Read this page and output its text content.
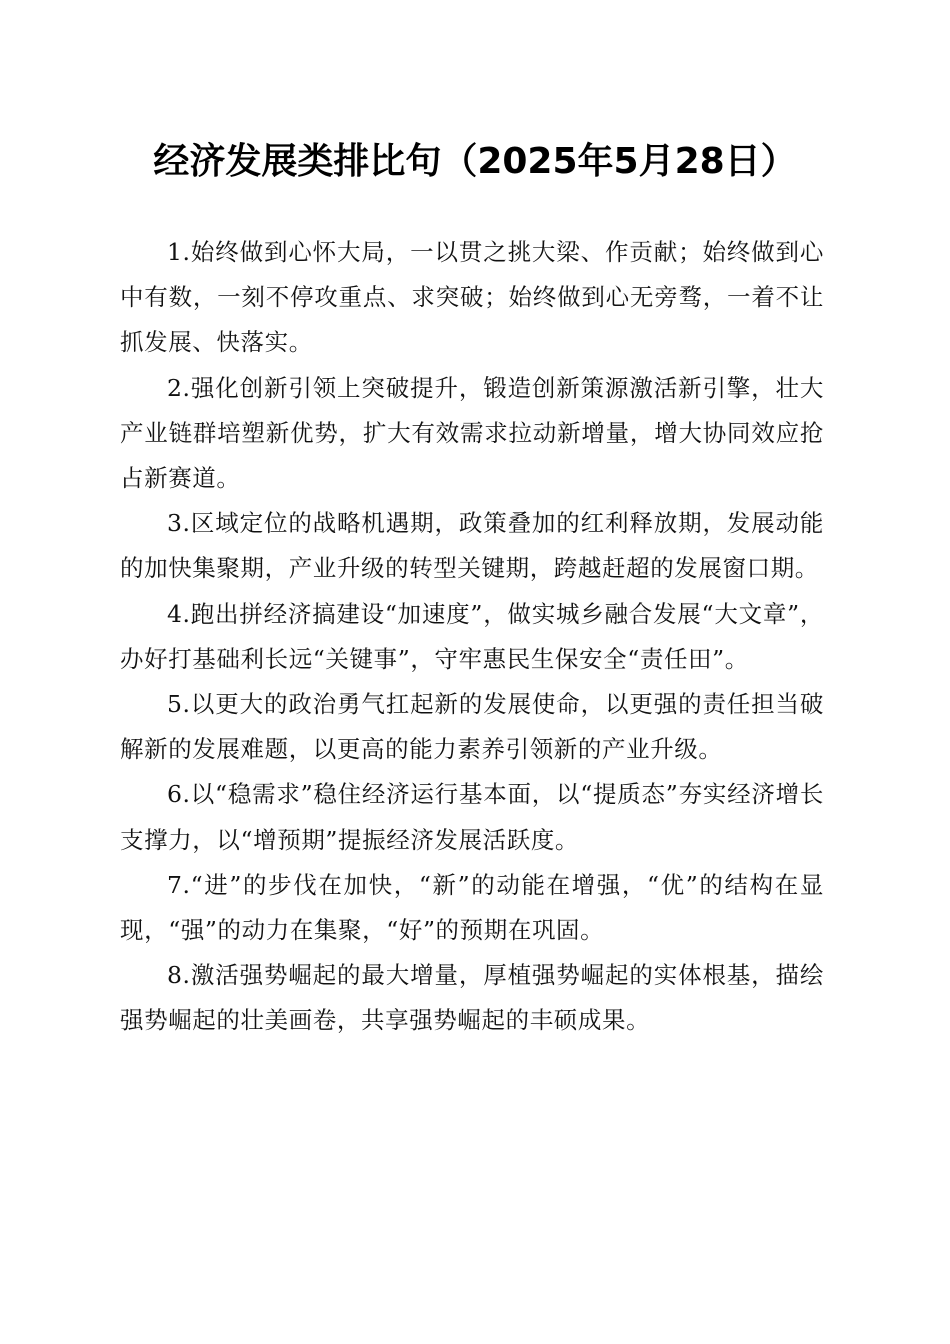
经济发展类排比句（2025年5月28日）

1.始终做到心怀大局，一以贯之挑大梁、作贡献；始终做到心中有数，一刻不停攻重点、求突破；始终做到心无旁骛，一着不让抓发展、快落实。

2.强化创新引领上突破提升，锻造创新策源激活新引擎，壮大产业链群培塑新优势，扩大有效需求拉动新增量，增大协同效应抢占新赛道。

3.区域定位的战略机遇期，政策叠加的红利释放期，发展动能的加快集聚期，产业升级的转型关键期，跨越赶超的发展窗口期。

4.跑出拼经济搞建设“加速度”，做实城乡融合发展“大文章”，办好打基础利长远“关键事”，守牢惠民生保安全“责任田”。

5.以更大的政治勇气扛起新的发展使命，以更强的责任担当破解新的发展难题，以更高的能力素养引领新的产业升级。

6.以“稳需求”稳住经济运行基本面，以“提质态”夯实经济增长支撑力，以“增预期”提振经济发展活跃度。

7.“进”的步伐在加快，“新”的动能在增强，“优”的结构在显现，“强”的动力在集聚，“好”的预期在巩固。

8.激活强势崛起的最大增量，厚植强势崛起的实体根基，描绘强势崛起的壮美画卷，共享强势崛起的丰硕成果。
